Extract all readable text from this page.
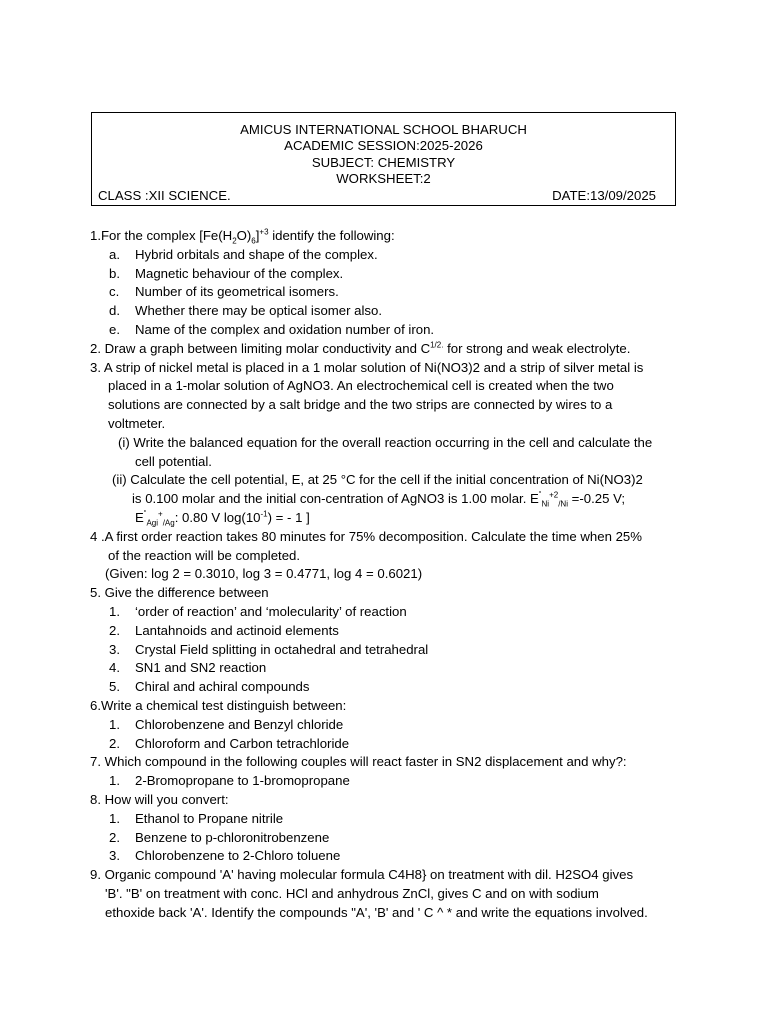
AMICUS INTERNATIONAL SCHOOL BHARUCH
ACADEMIC SESSION:2025-2026
SUBJECT: CHEMISTRY
WORKSHEET:2
CLASS :XII SCIENCE.	DATE:13/09/2025
1.For the complex $[Fe(H_2O)_6]^{+3}$ identify the following:
a.	Hybrid orbitals and shape of the complex.
b.	Magnetic behaviour of the complex.
c.	Number of its geometrical isomers.
d.	Whether there may be optical isomer also.
e.	Name of the complex and oxidation number of iron.
2. Draw a graph between limiting molar conductivity and $C^{1/2.}$ for strong and weak electrolyte.
3. A strip of nickel metal is placed in a 1 molar solution of Ni(NO3)2 and a strip of silver metal is
placed in a 1-molar solution of AgNO3. An electrochemical cell is created when the two
solutions are connected by a salt bridge and the two strips are connected by wires to a
voltmeter.
(i) Write the balanced equation for the overall reaction occurring in the cell and calculate the
cell potential.
(ii) Calculate the cell potential, E, at 25 °C for the cell if the initial concentration of Ni(NO3)2
is 0.100 molar and the initial con-centration of AgNO3 is 1.00 molar. $E^˚_{Ni}^{+2}_{/Ni} =-0.25$ V;
$E^˚_{Agi}^+_{/Ag}$: 0.80 V $\log(10^{-1})$ = - 1 ]
4 .A first order reaction takes 80 minutes for 75% decomposition. Calculate the time when 25%
of the reaction will be completed.
(Given: log 2 = 0.3010, log 3 = 0.4771, log 4 = 0.6021)
5. Give the difference between
1.	‘order of reaction’ and ‘molecularity’ of reaction
2.	Lantahnoids and actinoid elements
3.	Crystal Field splitting in octahedral and tetrahedral
4.	SN1 and SN2 reaction
5.	Chiral and achiral compounds
6.Write a chemical test distinguish between:
1.	Chlorobenzene and Benzyl chloride
2.	Chloroform and Carbon tetrachloride
7. Which compound in the following couples will react faster in SN2 displacement and why?:
1.	2-Bromopropane to 1-bromopropane
8. How will you convert:
1.	Ethanol to Propane nitrile
2.	Benzene to p-chloronitrobenzene
3.	Chlorobenzene to 2-Chloro toluene
9. Organic compound 'A' having molecular formula C4H8} on treatment with dil. H2SO4 gives
'B'. "B' on treatment with conc. HCl and anhydrous ZnCl, gives C and on with sodium
ethoxide back 'A'. Identify the compounds "A', 'B' and ' C ^ * and write the equations involved.
